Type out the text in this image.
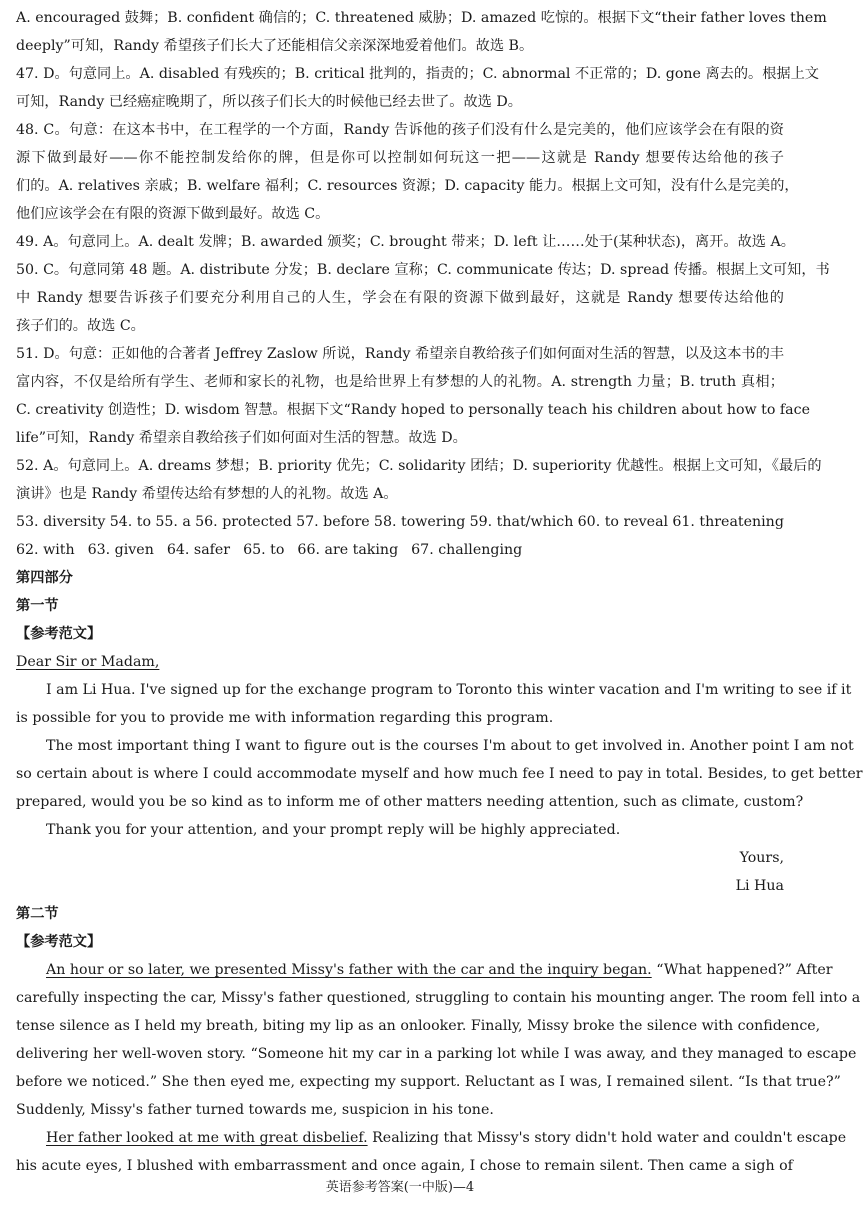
A. encouraged 鼓舞；B. confident 确信的；C. threatened 威胁；D. amazed 吃惊的。根据下文“their father loves them
deeply”可知，Randy 希望孩子们长大了还能相信父亲深深地爱着他们。故选 B。
47. D。句意同上。A. disabled 有残疾的；B. critical 批判的，指责的；C. abnormal 不正常的；D. gone 离去的。根据上文
可知，Randy 已经癌症晚期了，所以孩子们长大的时候他已经去世了。故选 D。
48. C。句意：在这本书中，在工程学的一个方面，Randy 告诉他的孩子们没有什么是完美的，他们应该学会在有限的资
源下做到最好——你不能控制发给你的牌，但是你可以控制如何玩这一把——这就是 Randy 想要传达给他的孩子
们的。A. relatives 亲戚；B. welfare 福利；C. resources 资源；D. capacity 能力。根据上文可知，没有什么是完美的，
他们应该学会在有限的资源下做到最好。故选 C。
49. A。句意同上。A. dealt 发牌；B. awarded 颁奖；C. brought 带来；D. left 让……处于(某种状态)，离开。故选 A。
50. C。句意同第 48 题。A. distribute 分发；B. declare 宣称；C. communicate 传达；D. spread 传播。根据上文可知，书
中 Randy 想要告诉孩子们要充分利用自己的人生，学会在有限的资源下做到最好，这就是 Randy 想要传达给他的
孩子们的。故选 C。
51. D。句意：正如他的合著者 Jeffrey Zaslow 所说，Randy 希望亲自教给孩子们如何面对生活的智慧，以及这本书的丰
富内容，不仅是给所有学生、老师和家长的礼物，也是给世界上有梦想的人的礼物。A. strength 力量；B. truth 真相；
C. creativity 创造性；D. wisdom 智慧。根据下文“Randy hoped to personally teach his children about how to face
life”可知，Randy 希望亲自教给孩子们如何面对生活的智慧。故选 D。
52. A。句意同上。A. dreams 梦想；B. priority 优先；C. solidarity 团结；D. superiority 优越性。根据上文可知，《最后的
演讲》也是 Randy 希望传达给有梦想的人的礼物。故选 A。
53. diversity 54. to 55. a 56. protected 57. before 58. towering 59. that/which 60. to reveal 61. threatening
62. with 63. given 64. safer 65. to 66. are taking 67. challenging
第四部分
第一节
【参考范文】
Dear Sir or Madam,
I am Li Hua. I've signed up for the exchange program to Toronto this winter vacation and I'm writing to see if it
is possible for you to provide me with information regarding this program.
The most important thing I want to figure out is the courses I'm about to get involved in. Another point I am not
so certain about is where I could accommodate myself and how much fee I need to pay in total. Besides, to get better
prepared, would you be so kind as to inform me of other matters needing attention, such as climate, custom?
Thank you for your attention, and your prompt reply will be highly appreciated.
Yours,
Li Hua
第二节
【参考范文】
An hour or so later, we presented Missy's father with the car and the inquiry began. “What happened?” After
carefully inspecting the car, Missy's father questioned, struggling to contain his mounting anger. The room fell into a
tense silence as I held my breath, biting my lip as an onlooker. Finally, Missy broke the silence with confidence,
delivering her well-woven story. “Someone hit my car in a parking lot while I was away, and they managed to escape
before we noticed.” She then eyed me, expecting my support. Reluctant as I was, I remained silent. “Is that true?”
Suddenly, Missy's father turned towards me, suspicion in his tone.
Her father looked at me with great disbelief. Realizing that Missy's story didn't hold water and couldn't escape
his acute eyes, I blushed with embarrassment and once again, I chose to remain silent. Then came a sigh of
英语参考答案(一中版)—4
